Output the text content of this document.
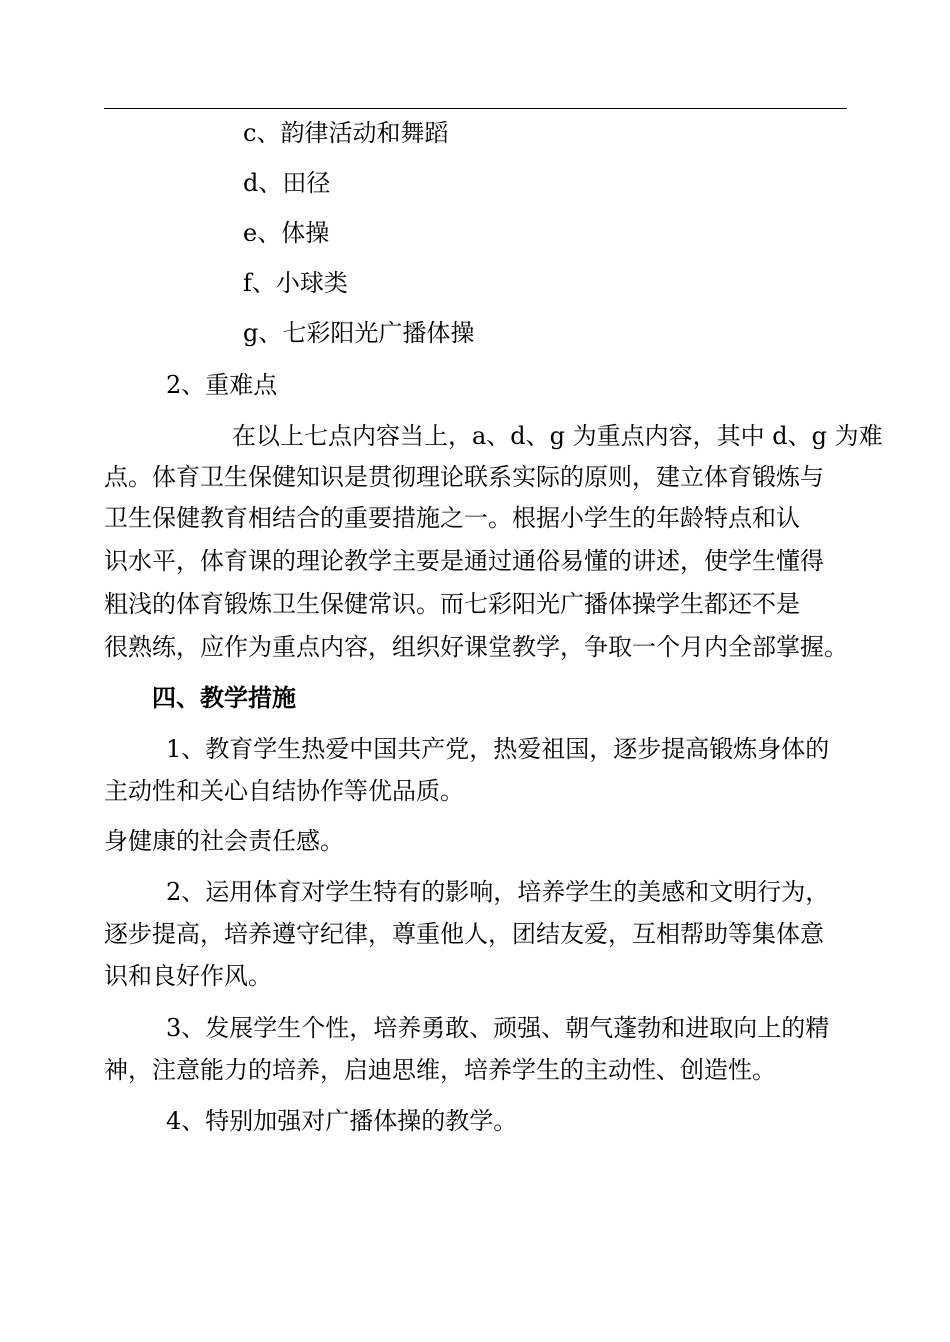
c、韵律活动和舞蹈

d、田径

e、体操

f、小球类

g、七彩阳光广播体操

2、重难点

在以上七点内容当上，a、d、g 为重点内容，其中 d、g 为难

点。体育卫生保健知识是贯彻理论联系实际的原则，建立体育锻炼与

卫生保健教育相结合的重要措施之一。根据小学生的年龄特点和认

识水平，体育课的理论教学主要是通过通俗易懂的讲述，使学生懂得

粗浅的体育锻炼卫生保健常识。而七彩阳光广播体操学生都还不是

很熟练，应作为重点内容，组织好课堂教学，争取一个月内全部掌握。

四、教学措施

1、教育学生热爱中国共产党，热爱祖国，逐步提高锻炼身体的

主动性和关心自结协作等优品质。

身健康的社会责任感。

2、运用体育对学生特有的影响，培养学生的美感和文明行为，

逐步提高，培养遵守纪律，尊重他人，团结友爱，互相帮助等集体意

识和良好作风。

3、发展学生个性，培养勇敢、顽强、朝气蓬勃和进取向上的精

神，注意能力的培养，启迪思维，培养学生的主动性、创造性。

4、特别加强对广播体操的教学。
